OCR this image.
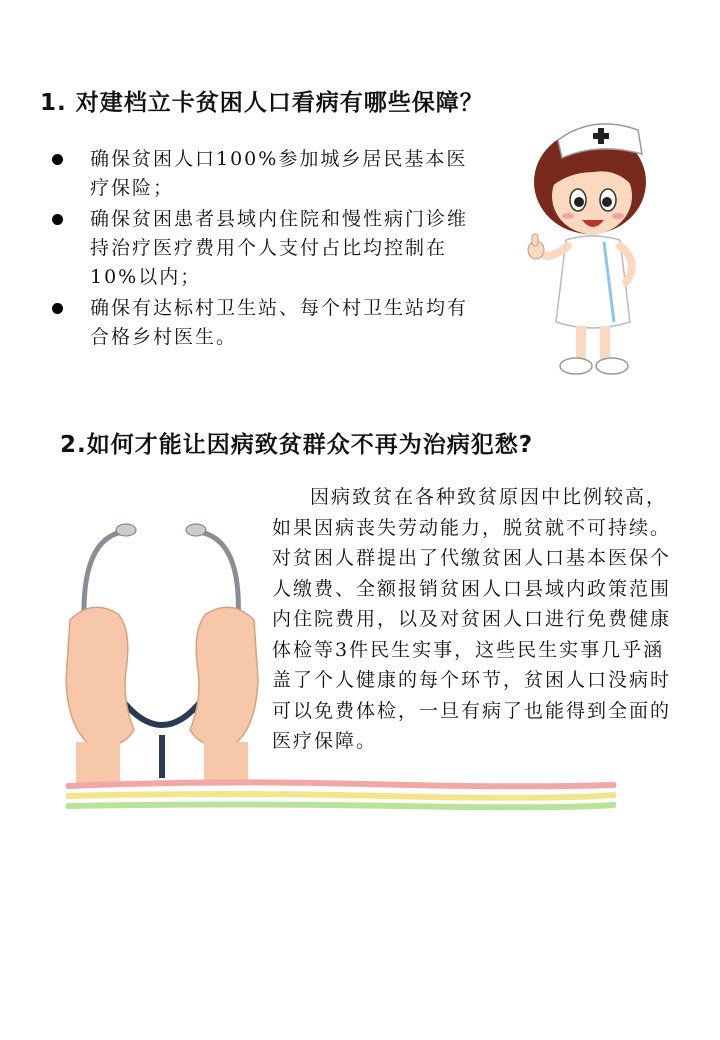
1. 对建档立卡贫困人口看病有哪些保障？
确保贫困人口100%参加城乡居民基本医疗保险；
确保贫困患者县域内住院和慢性病门诊维持治疗医疗费用个人支付占比均控制在10%以内；
确保有达标村卫生站、每个村卫生站均有合格乡村医生。
2.如何才能让因病致贫群众不再为治病犯愁?

因病致贫在各种致贫原因中比例较高，如果因病丧失劳动能力，脱贫就不可持续。对贫困人群提出了代缴贫困人口基本医保个人缴费、全额报销贫困人口县域内政策范围内住院费用，以及对贫困人口进行免费健康体检等3件民生实事，这些民生实事几乎涵盖了个人健康的每个环节，贫困人口没病时可以免费体检，一旦有病了也能得到全面的医疗保障。
